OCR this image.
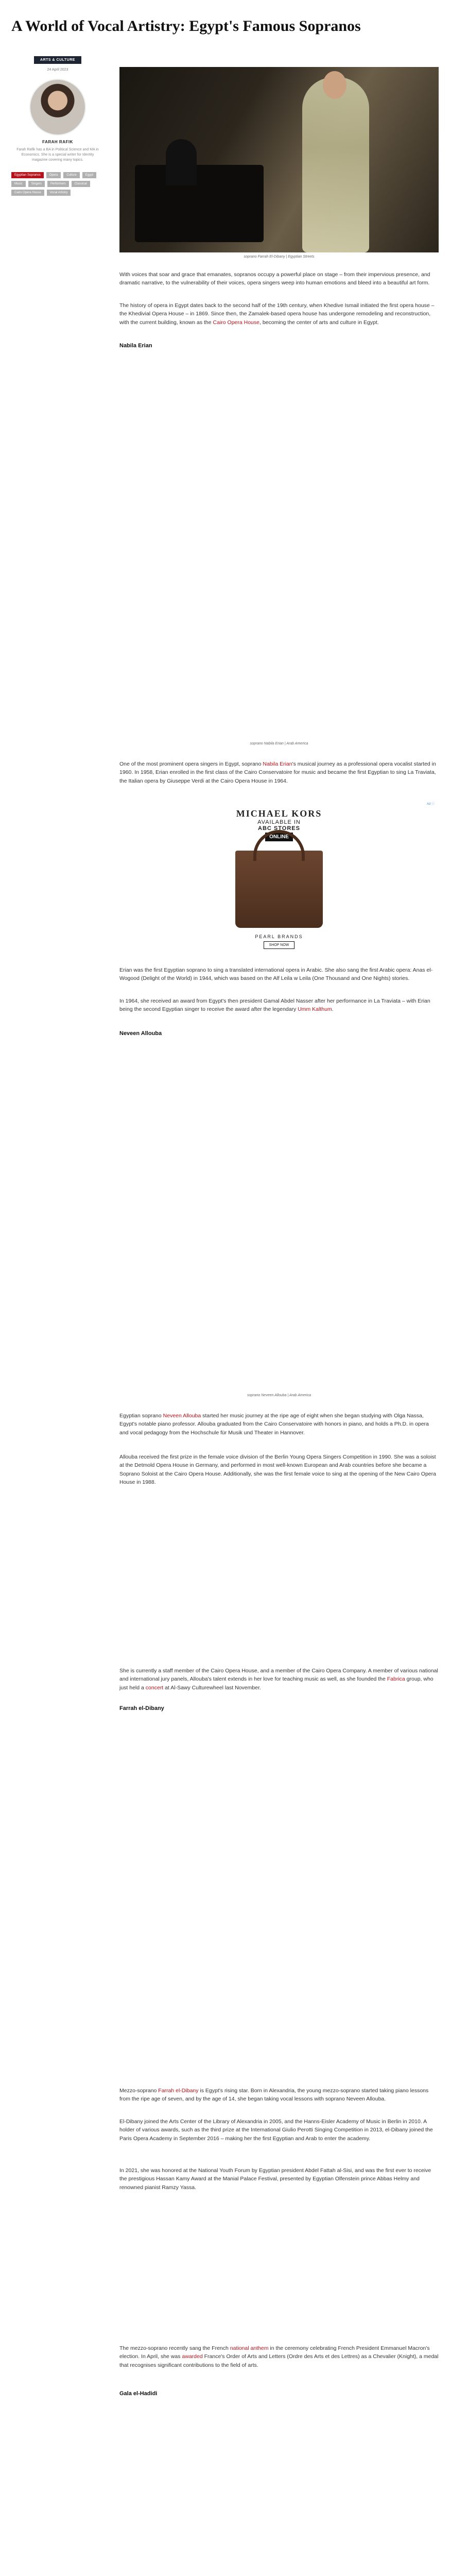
A World of Vocal Artistry: Egypt's Famous Sopranos
ARTS & CULTURE
24 April 2023
FARAH RAFIK
Farah Rafik has a BA in Political Science and MA in Economics. She is a special writer for Identity magazine covering many topics.
Egyptian Sopranos	Opera	Culture	Egypt
Music	Singers	Performers	Classical
Cairo Opera House	Vocal Artistry
soprano Farrah El-Dibany | Egyptian Streets

With voices that soar and grace that emanates, sopranos occupy a powerful place on stage – from their impervious presence, and dramatic narrative, to the vulnerability of their voices, opera singers weep into human emotions and bleed into a beautiful art form.

The history of opera in Egypt dates back to the second half of the 19th century, when Khedive Ismail initiated the first opera house – the Khedivial Opera House – in 1869. Since then, the Zamalek-based opera house has undergone remodeling and reconstruction, with the current building, known as the Cairo Opera House, becoming the center of arts and culture in Egypt.

Nabila Erian
soprano Nabila Erian | Arab America

One of the most prominent opera singers in Egypt, soprano Nabila Erian's musical journey as a professional opera vocalist started in 1960. In 1958, Erian enrolled in the first class of the Cairo Conservatoire for music and became the first Egyptian to sing La Traviata, the Italian opera by Giuseppe Verdi at the Cairo Opera House in 1964.

Ad ⓘ
MICHAEL KORS
AVAILABLE IN
ABC STORES
ONLINE
PEARL BRANDS
SHOP NOW

Erian was the first Egyptian soprano to sing a translated international opera in Arabic. She also sang the first Arabic opera: Anas el-Wogood (Delight of the World) in 1944, which was based on the Alf Leila w Leila (One Thousand and One Nights) stories.

In 1964, she received an award from Egypt's then president Gamal Abdel Nasser after her performance in La Traviata – with Erian being the second Egyptian singer to receive the award after the legendary Umm Kalthum.

Neveen Allouba
soprano Neveen Allouba | Arab America

Egyptian soprano Neveen Allouba started her music journey at the ripe age of eight when she began studying with Olga Nassa, Egypt's notable piano professor. Allouba graduated from the Cairo Conservatoire with honors in piano, and holds a Ph.D. in opera and vocal pedagogy from the Hochschule für Musik und Theater in Hannover.

Allouba received the first prize in the female voice division of the Berlin Young Opera Singers Competition in 1990. She was a soloist at the Detmold Opera House in Germany, and performed in most well-known European and Arab countries before she became a Soprano Soloist at the Cairo Opera House. Additionally, she was the first female voice to sing at the opening of the New Cairo Opera House in 1988.

She is currently a staff member of the Cairo Opera House, and a member of the Cairo Opera Company. A member of various national and international jury panels, Allouba's talent extends in her love for teaching music as well, as she founded the Fabrica group, who just held a concert at Al-Sawy Culturewheel last November.

Farrah el-Dibany

Mezzo-soprano Farrah el-Dibany is Egypt's rising star. Born in Alexandria, the young mezzo-soprano started taking piano lessons from the ripe age of seven, and by the age of 14, she began taking vocal lessons with soprano Neveen Allouba.

El-Dibany joined the Arts Center of the Library of Alexandria in 2005, and the Hanns-Eisler Academy of Music in Berlin in 2010. A holder of various awards, such as the third prize at the International Giulio Perotti Singing Competition in 2013, el-Dibany joined the Paris Opera Academy in September 2016 – making her the first Egyptian and Arab to enter the academy.

In 2021, she was honored at the National Youth Forum by Egyptian president Abdel Fattah al-Sisi, and was the first ever to receive the prestigious Hassan Kamy Award at the Manial Palace Festival, presented by Egyptian Olfenstein prince Abbas Helmy and renowned pianist Ramzy Yassa.

The mezzo-soprano recently sang the French national anthem in the ceremony celebrating French President Emmanuel Macron's election. In April, she was awarded France's Order of Arts and Letters (Ordre des Arts et des Lettres) as a Chevalier (Knight), a medal that recognises significant contributions to the field of arts.

Gala el-Hadidi
